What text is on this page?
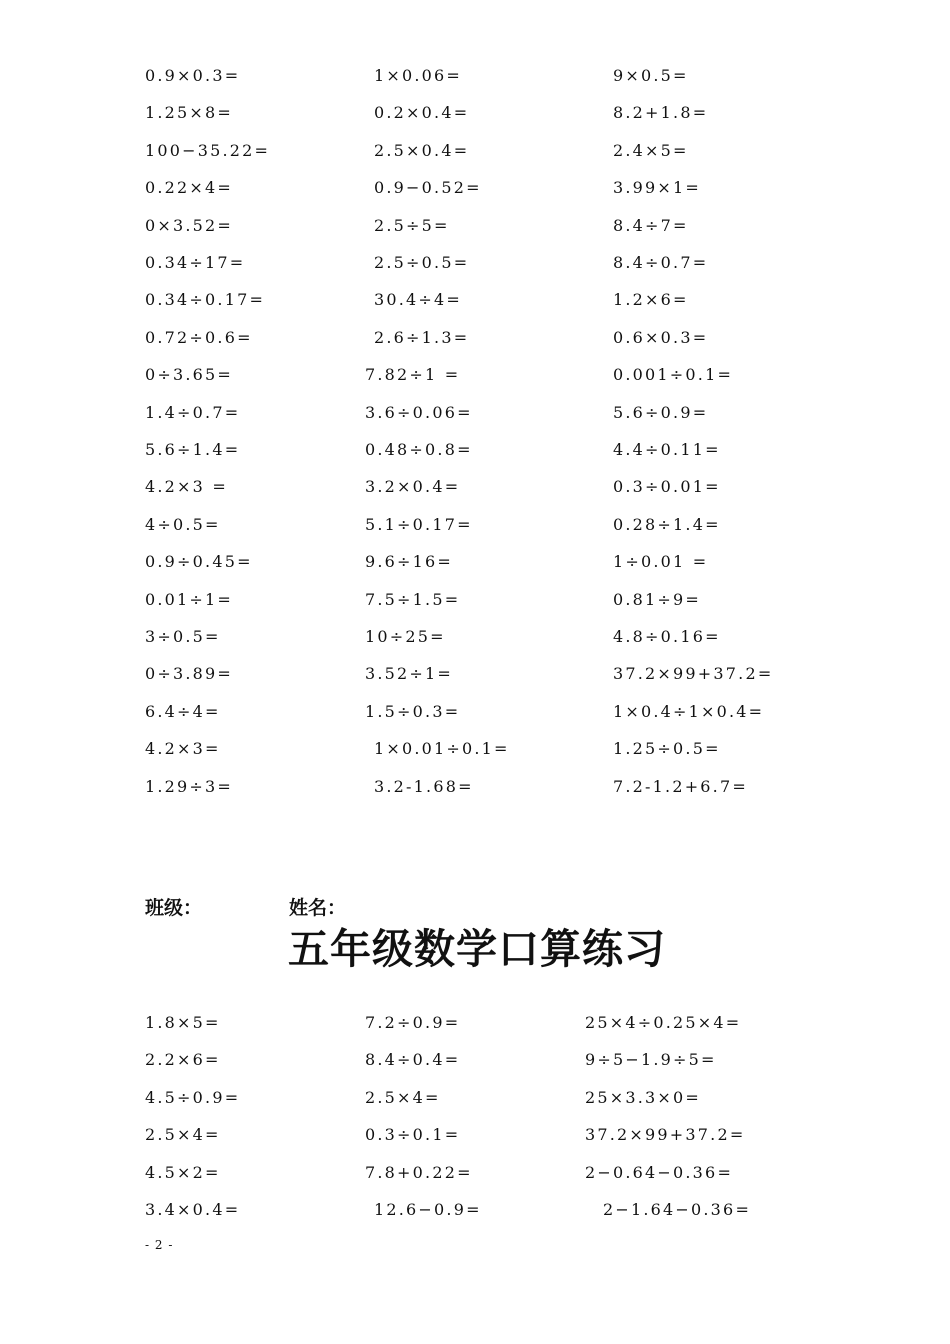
0.9×0.3=	1×0.06=	9×0.5=
1.25×8=	0.2×0.4=	8.2+1.8=
100−35.22=	2.5×0.4=	2.4×5=
0.22×4=	0.9−0.52=	3.99×1=
0×3.52=	2.5÷5=	8.4÷7=
0.34÷17=	2.5÷0.5=	8.4÷0.7=
0.34÷0.17=	30.4÷4=	1.2×6=
0.72÷0.6=	2.6÷1.3=	0.6×0.3=
0÷3.65=	7.82÷1 =	0.001÷0.1=
1.4÷0.7=	3.6÷0.06=	5.6÷0.9=
5.6÷1.4=	0.48÷0.8=	4.4÷0.11=
4.2×3 =	3.2×0.4=	0.3÷0.01=
4÷0.5=	5.1÷0.17=	0.28÷1.4=
0.9÷0.45=	9.6÷16=	1÷0.01 =
0.01÷1=	7.5÷1.5=	0.81÷9=
3÷0.5=	10÷25=	4.8÷0.16=
0÷3.89=	3.52÷1=	37.2×99+37.2=
6.4÷4=	1.5÷0.3=	1×0.4÷1×0.4=
4.2×3=	1×0.01÷0.1=	1.25÷0.5=
1.29÷3=	3.2-1.68=	7.2-1.2+6.7=
班级：	姓名：
五年级数学口算练习
1.8×5=	7.2÷0.9=	25×4÷0.25×4=
2.2×6=	8.4÷0.4=	9÷5−1.9÷5=
4.5÷0.9=	2.5×4=	25×3.3×0=
2.5×4=	0.3÷0.1=	37.2×99+37.2=
4.5×2=	7.8+0.22=	2−0.64−0.36=
3.4×0.4=	12.6−0.9=	2−1.64−0.36=
- 2 -
